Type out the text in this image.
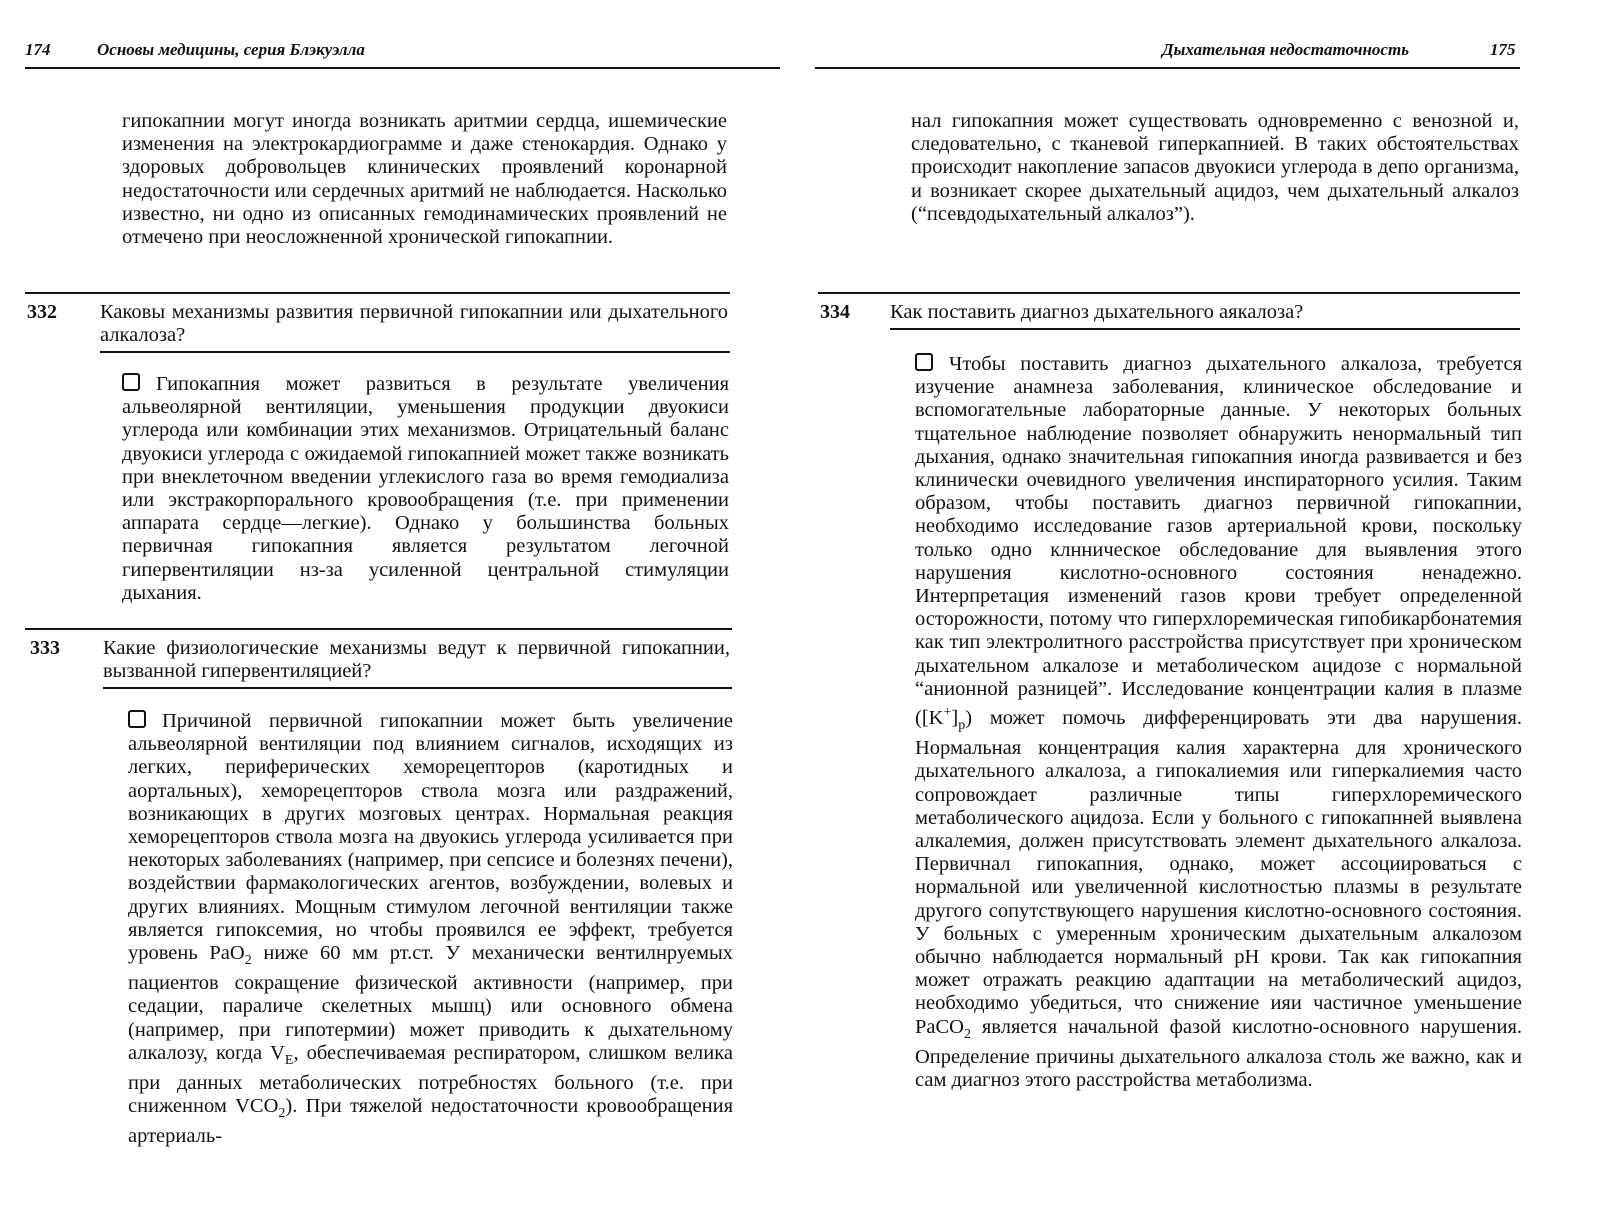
174	Основы медицины, серия Блэкуэлла

гипокапнии могут иногда возникать аритмии сердца, ишемические изменения на электрокардиограмме и даже стенокардия. Однако у здоровых добровольцев клинических проявлений коронарной недостаточности или сердечных аритмий не наблюдается. Насколько известно, ни одно из описанных гемодинамических проявлений не отмечено при неосложненной хронической гипокапнии.

332 Каковы механизмы развития первичной гипокапнии или дыхательного алкалоза?

Гипокапния может развиться в результате увеличения альвеолярной вентиляции, уменьшения продукции двуокиси углерода или комбинации этих механизмов. Отрицательный баланс двуокиси углерода с ожидаемой гипокапнией может также возникать при внеклеточном введении углекислого газа во время гемодиализа или экстракорпорального кровообращения (т.е. при применении аппарата сердце—легкие). Однако у большинства больных первичная гипокапния является результатом легочной гипервентиляции нз-за усиленной центральной стимуляции дыхания.

333 Какие физиологические механизмы ведут к первичной гипокапнии, вызванной гипервентиляцией?

Причиной первичной гипокапнии может быть увеличение альвеолярной вентиляции под влиянием сигналов, исходящих из легких, периферических хеморецепторов (каротидных и аортальных), хеморецепторов ствола мозга или раздражений, возникающих в других мозговых центрах. Нормальная реакция хеморецепторов ствола мозга на двуокись углерода усиливается при некоторых заболеваниях (например, при сепсисе и болезнях печени), воздействии фармакологических агентов, возбуждении, волевых и других влияниях. Мощным стимулом легочной вентиляции также является гипоксемия, но чтобы проявился ее эффект, требуется уровень PaO$_2$ ниже 60 мм рт.ст. У механически вентилнруемых пациентов сокращение физической активности (например, при седации, параличе скелетных мышц) или основного обмена (например, при гипотермии) может приводить к дыхательному алкалозу, когда $V_E$, обеспечиваемая респиратором, слишком велика при данных метаболических потребностях больного (т.е. при сниженном $VCO_2$). При тяжелой недостаточности кровообращения артериаль-

Дыхательная недостаточность	175

нал гипокапния может существовать одновременно с венозной и, следовательно, с тканевой гиперкапнией. В таких обстоятельствах происходит накопление запасов двуокиси углерода в депо организма, и возникает скорее дыхательный ацидоз, чем дыхательный алкалоз (“псевдодыхательный алкалоз”).

334 Как поставить диагноз дыхательного аякалоза?

Чтобы поставить диагноз дыхательного алкалоза, требуется изучение анамнеза заболевания, клиническое обследование и вспомогательные лабораторные данные. У некоторых больных тщательное наблюдение позволяет обнаружить ненормальный тип дыхания, однако значительная гипокапния иногда развивается и без клинически очевидного увеличения инспираторного усилия. Таким образом, чтобы поставить диагноз первичной гипокапнии, необходимо исследование газов артериальной крови, поскольку только одно клнническое обследование для выявления этого нарушения кислотно-основного состояния ненадежно. Интерпретация изменений газов крови требует определенной осторожности, потому что гиперхлоремическая гипобикарбонатемия как тип электролитного расстройства присутствует при хроническом дыхательном алкалозе и метаболическом ацидозе с нормальной “анионной разницей”. Исследование концентрации калия в плазме $([K^+]_p)$ может помочь дифференцировать эти два нарушения. Нормальная концентрация калия характерна для хронического дыхательного алкалоза, а гипокалиемия или гиперкалиемия часто сопровождает различные типы гиперхлоремического метаболического ацидоза. Если у больного с гипокапнней выявлена алкалемия, должен присутствовать элемент дыхательного алкалоза. Первичнал гипокапния, однако, может ассоциироваться с нормальной или увеличенной кислотностью плазмы в результате другого сопутствующего нарушения кислотно-основного состояния. У больных с умеренным хроническим дыхательным алкалозом обычно наблюдается нормальный pH крови. Так как гипокапния может отражать реакцию адаптации на метаболический ацидоз, необходимо убедиться, что снижение ияи частичное уменьшение PaCO$_2$ является начальной фазой кислотно-основного нарушения. Определение причины дыхательного алкалоза столь же важно, как и сам диагноз этого расстройства метаболизма.
